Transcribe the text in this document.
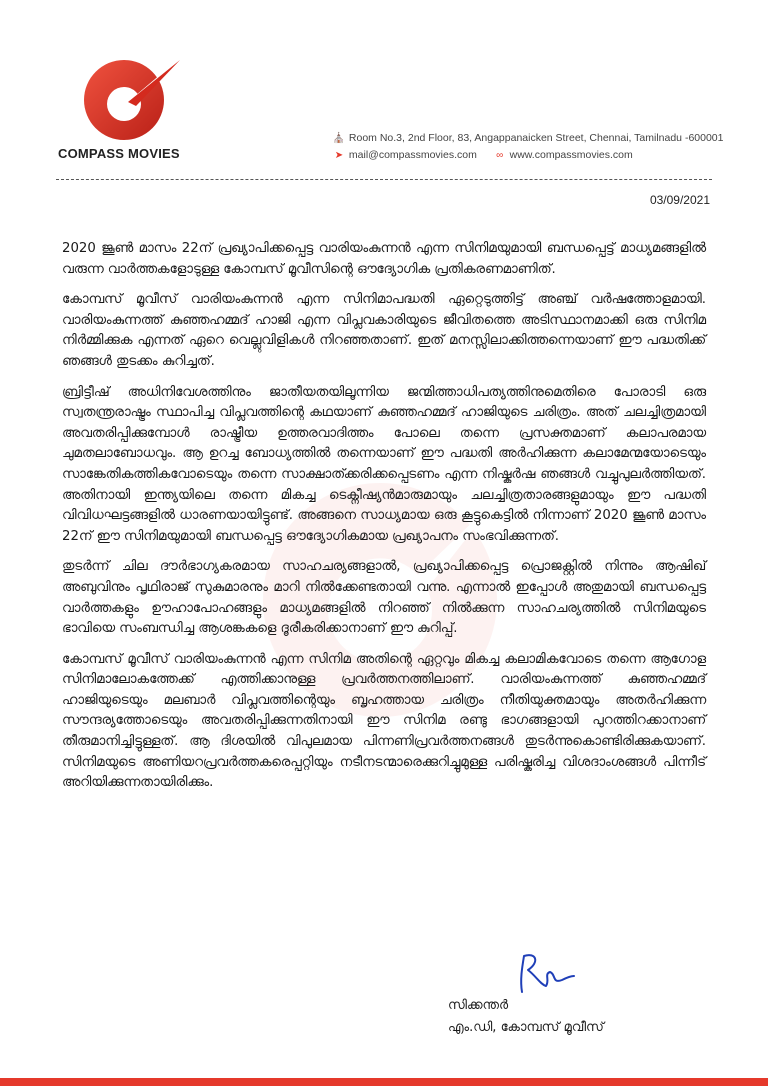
COMPASS MOVIES
⛪ Room No.3, 2nd Floor, 83, Angappanaicken Street, Chennai, Tamilnadu -600001
➤ mail@compassmovies.com ∞ www.compassmovies.com
03/09/2021

2020 ജൂൺ മാസം 22ന് പ്രഖ്യാപിക്കപ്പെട്ട വാരിയംകുന്നൻ എന്ന സിനിമയുമായി ബന്ധപ്പെട്ട് മാധ്യമങ്ങളിൽ വരുന്ന വാർത്തകളോടുള്ള കോമ്പസ് മൂവീസിന്റെ ഔദ്യോഗിക പ്രതികരണമാണിത്.

കോമ്പസ് മൂവീസ് വാരിയംകുന്നൻ എന്ന സിനിമാപദ്ധതി ഏറ്റെടുത്തിട്ട് അഞ്ച് വർഷത്തോളമായി. വാരിയംകുന്നത്ത് കുഞ്ഞഹമ്മദ് ഹാജി എന്ന വിപ്ലവകാരിയുടെ ജീവിതത്തെ അടിസ്ഥാനമാക്കി ഒരു സിനിമ നിർമ്മിക്കുക എന്നത് ഏറെ വെല്ലുവിളികൾ നിറഞ്ഞതാണ്. ഇത് മനസ്സിലാക്കിത്തന്നെയാണ് ഈ പദ്ധതിക്ക് ഞങ്ങൾ തുടക്കം കുറിച്ചത്.

ബ്രിട്ടീഷ് അധിനിവേശത്തിനും ജാതീയതയിലൂന്നിയ ജന്മിത്താധിപത്യത്തിനുമെതിരെ പോരാടി ഒരു സ്വതന്ത്രരാഷ്ട്രം സ്ഥാപിച്ച വിപ്ലവത്തിന്റെ കഥയാണ് കുഞ്ഞഹമ്മദ് ഹാജിയുടെ ചരിത്രം. അത് ചലച്ചിത്രമായി അവതരിപ്പിക്കുമ്പോൾ രാഷ്ട്രീയ ഉത്തരവാദിത്തം പോലെ തന്നെ പ്രസക്തമാണ് കലാപരമായ ചുമതലാബോധവും. ആ ഉറച്ച ബോധ്യത്തിൽ തന്നെയാണ് ഈ പദ്ധതി അർഹിക്കുന്ന കലാമേന്മയോടെയും സാങ്കേതികത്തികവോടെയും തന്നെ സാക്ഷാത്ക്കരിക്കപ്പെടണം എന്ന നിഷ്കർഷ ഞങ്ങൾ വച്ചുപുലർത്തിയത്. അതിനായി ഇന്ത്യയിലെ തന്നെ മികച്ച ടെക്നീഷ്യൻമാരുമായും ചലച്ചിത്രതാരങ്ങളുമായും ഈ പദ്ധതി വിവിധഘട്ടങ്ങളിൽ ധാരണയായിട്ടുണ്ട്. അങ്ങനെ സാധ്യമായ ഒരു കൂട്ടുകെട്ടിൽ നിന്നാണ് 2020 ജൂൺ മാസം 22ന് ഈ സിനിമയുമായി ബന്ധപ്പെട്ട ഔദ്യോഗികമായ പ്രഖ്യാപനം സംഭവിക്കുന്നത്.

തുടർന്ന് ചില ദൗർഭാഗ്യകരമായ സാഹചര്യങ്ങളാൽ, പ്രഖ്യാപിക്കപ്പെട്ട പ്രൊജക്റ്റിൽ നിന്നും ആഷിഖ് അബുവിനും പൃഥിരാജ് സുകുമാരനും മാറി നിൽക്കേണ്ടതായി വന്നു. എന്നാൽ ഇപ്പോൾ അതുമായി ബന്ധപ്പെട്ട വാർത്തകളും ഊഹാപോഹങ്ങളും മാധ്യമങ്ങളിൽ നിറഞ്ഞ് നിൽക്കുന്ന സാഹചര്യത്തിൽ സിനിമയുടെ ഭാവിയെ സംബന്ധിച്ച ആശങ്കകളെ ദൂരീകരിക്കാനാണ് ഈ കുറിപ്പ്.

കോമ്പസ് മൂവീസ് വാരിയംകുന്നൻ എന്ന സിനിമ അതിന്റെ ഏറ്റവും മികച്ച കലാമികവോടെ തന്നെ ആഗോള സിനിമാലോകത്തേക്ക് എത്തിക്കാനുള്ള പ്രവർത്തനത്തിലാണ്. വാരിയംകുന്നത്ത് കുഞ്ഞഹമ്മദ് ഹാജിയുടെയും മലബാർ വിപ്ലവത്തിന്റെയും ബൃഹത്തായ ചരിത്രം നീതിയുക്തമായും അതർഹിക്കുന്ന സൗന്ദര്യത്തോടെയും അവതരിപ്പിക്കുന്നതിനായി ഈ സിനിമ രണ്ടു ഭാഗങ്ങളായി പുറത്തിറക്കാനാണ് തീരുമാനിച്ചിട്ടുള്ളത്. ആ ദിശയിൽ വിപുലമായ പിന്നണിപ്രവർത്തനങ്ങൾ തുടർന്നുകൊണ്ടിരിക്കുകയാണ്. സിനിമയുടെ അണിയറപ്രവർത്തകരെപ്പറ്റിയും നടീനടന്മാരെക്കുറിച്ചുമുള്ള പരിഷ്കരിച്ച വിശദാംശങ്ങൾ പിന്നീട് അറിയിക്കുന്നതായിരിക്കും.

സിക്കന്തർ
എം.ഡി, കോമ്പസ് മൂവീസ്
